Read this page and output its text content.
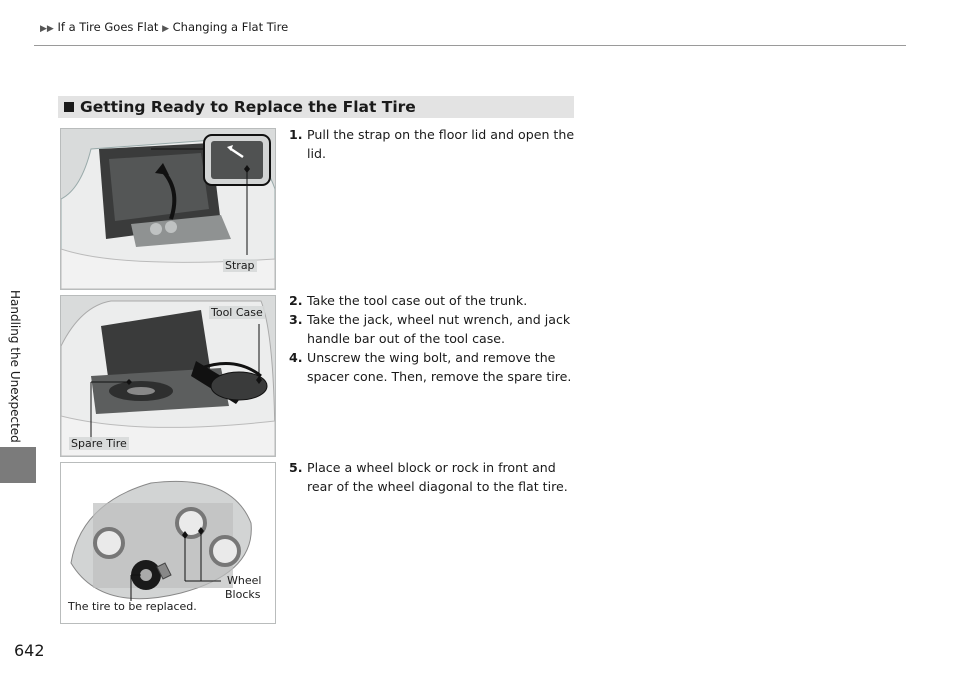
▶▶ If a Tire Goes Flat ▶ Changing a Flat Tire
Handling the Unexpected
642
Getting Ready to Replace the Flat Tire
Strap
Tool Case
Spare Tire
Wheel
Blocks
The tire to be replaced.
1. Pull the strap on the floor lid and open the lid.
2. Take the tool case out of the trunk.
3. Take the jack, wheel nut wrench, and jack handle bar out of the tool case.
4. Unscrew the wing bolt, and remove the spacer cone. Then, remove the spare tire.
5. Place a wheel block or rock in front and rear of the wheel diagonal to the flat tire.
